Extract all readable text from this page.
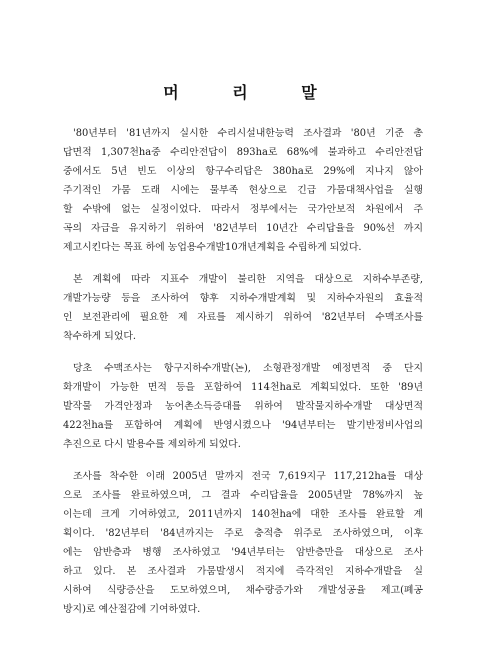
머 리 말
'80년부터 '81년까지 실시한 수리시설내한능력 조사결과 '80년 기준 총
답면적 1,307천ha중 수리안전답이 893ha로 68%에 불과하고 수리안전답
중에서도 5년 빈도 이상의 항구수리답은 380ha로 29%에 지나지 않아
주기적인 가뭄 도래 시에는 물부족 현상으로 긴급 가뭄대책사업을 실행
할 수밖에 없는 실정이었다. 따라서 정부에서는 국가안보적 차원에서 주
곡의 자급을 유지하기 위하여 '82년부터 10년간 수리답율을 90%선 까지
제고시킨다는 목표 하에 농업용수개발10개년계획을 수립하게 되었다.
본 계획에 따라 지표수 개발이 불리한 지역을 대상으로 지하수부존량,
개발가능량 등을 조사하여 향후 지하수개발계획 및 지하수자원의 효율적
인 보전관리에 필요한 제 자료를 제시하기 위하여 '82년부터 수맥조사를
착수하게 되었다.
당초 수맥조사는 항구지하수개발(논), 소형관정개발 예정면적 중 단지
화개발이 가능한 면적 등을 포함하여 114천ha로 계획되었다. 또한 '89년
발작물 가격안정과 농어촌소득증대를 위하여 발작물지하수개발 대상면적
422천ha를 포함하여 계획에 반영시켰으나 '94년부터는 발기반정비사업의
추진으로 다시 발용수를 제외하게 되었다.
조사를 착수한 이래 2005년 말까지 전국 7,619지구 117,212ha를 대상
으로 조사를 완료하였으며, 그 결과 수리답율을 2005년말 78%까지 높
이는데 크게 기여하였고, 2011년까지 140천ha에 대한 조사를 완료할 계
획이다. '82년부터 '84년까지는 주로 충적층 위주로 조사하였으며, 이후
에는 암반층과 병행 조사하였고 '94년부터는 암반층만을 대상으로 조사
하고 있다. 본 조사결과 가뭄발생시 적지에 즉각적인 지하수개발을 실
시하여 식량증산을 도모하였으며, 채수량증가와 개발성공율 제고(폐공
방지)로 예산절감에 기여하였다.
